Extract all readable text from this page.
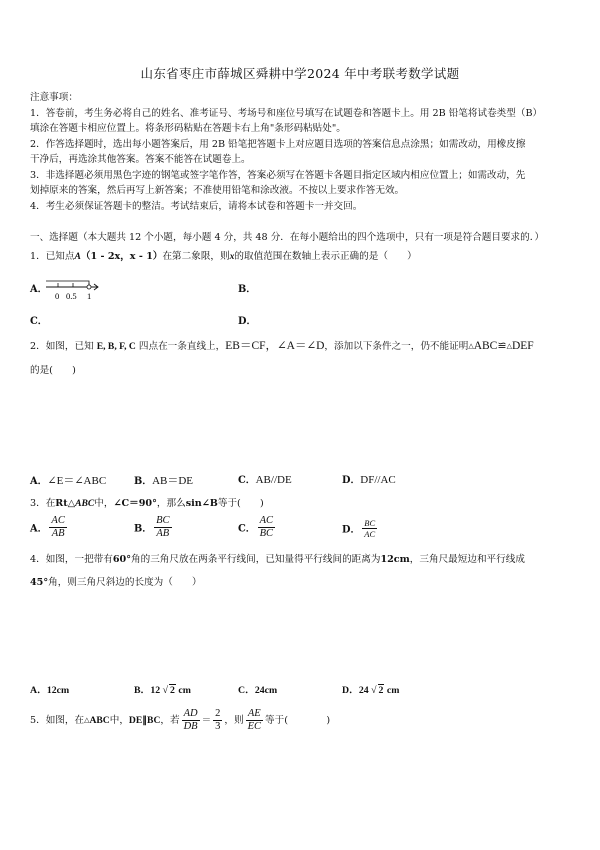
山东省枣庄市薛城区舜耕中学2024 年中考联考数学试题
注意事项：
1．答卷前，考生务必将自己的姓名、准考证号、考场号和座位号填写在试题卷和答题卡上。用 2B 铅笔将试卷类型（B）
填涂在答题卡相应位置上。将条形码粘贴在答题卡右上角"条形码粘贴处"。
2．作答选择题时，选出每小题答案后，用 2B 铅笔把答题卡上对应题目选项的答案信息点涂黑；如需改动，用橡皮擦
干净后，再选涂其他答案。答案不能答在试题卷上。
3．非选择题必须用黑色字迹的钢笔或签字笔作答，答案必须写在答题卡各题目指定区域内相应位置上；如需改动，先
划掉原来的答案，然后再写上新答案；不准使用铅笔和涂改液。不按以上要求作答无效。
4．考生必须保证答题卡的整洁。考试结束后，请将本试卷和答题卡一并交回。
一、选择题（本大题共 12 个小题，每小题 4 分，共 48 分．在每小题给出的四个选项中，只有一项是符合题目要求的．）
1．已知点A（1 - 2x，x - 1）在第二象限，则x的取值范围在数轴上表示正确的是（　　）
A．
0 0.5 1
B．
C．	D．
2．如图，已知 E, B, F, C 四点在一条直线上，EB＝CF，∠A＝∠D，添加以下条件之一，仍不能证明△ABC≌△DEF
的是(　　)
A．∠E＝∠ABC	B．AB＝DE	C．AB//DE	D．DF//AC
3．在Rt△ABC中，∠C＝90°，那么sin∠B等于(　　)
A． $\frac{AC}{AB}$	B． $\frac{BC}{AB}$	C． $\frac{AC}{BC}$	D． $\frac{BC}{AC}$
4．如图，一把带有60°角的三角尺放在两条平行线间，已知量得平行线间的距离为12cm，三角尺最短边和平行线成
45°角，则三角尺斜边的长度为（　　）
A．12cm	B．12 √ 2 cm	C．24cm	D．24 √ 2 cm
5．如图，在△ABC中，DE∥BC，若 $\frac{AD}{DB} = \frac{2}{3}$ ，则 $\frac{AE}{EC}$ 等于(　　　　)
